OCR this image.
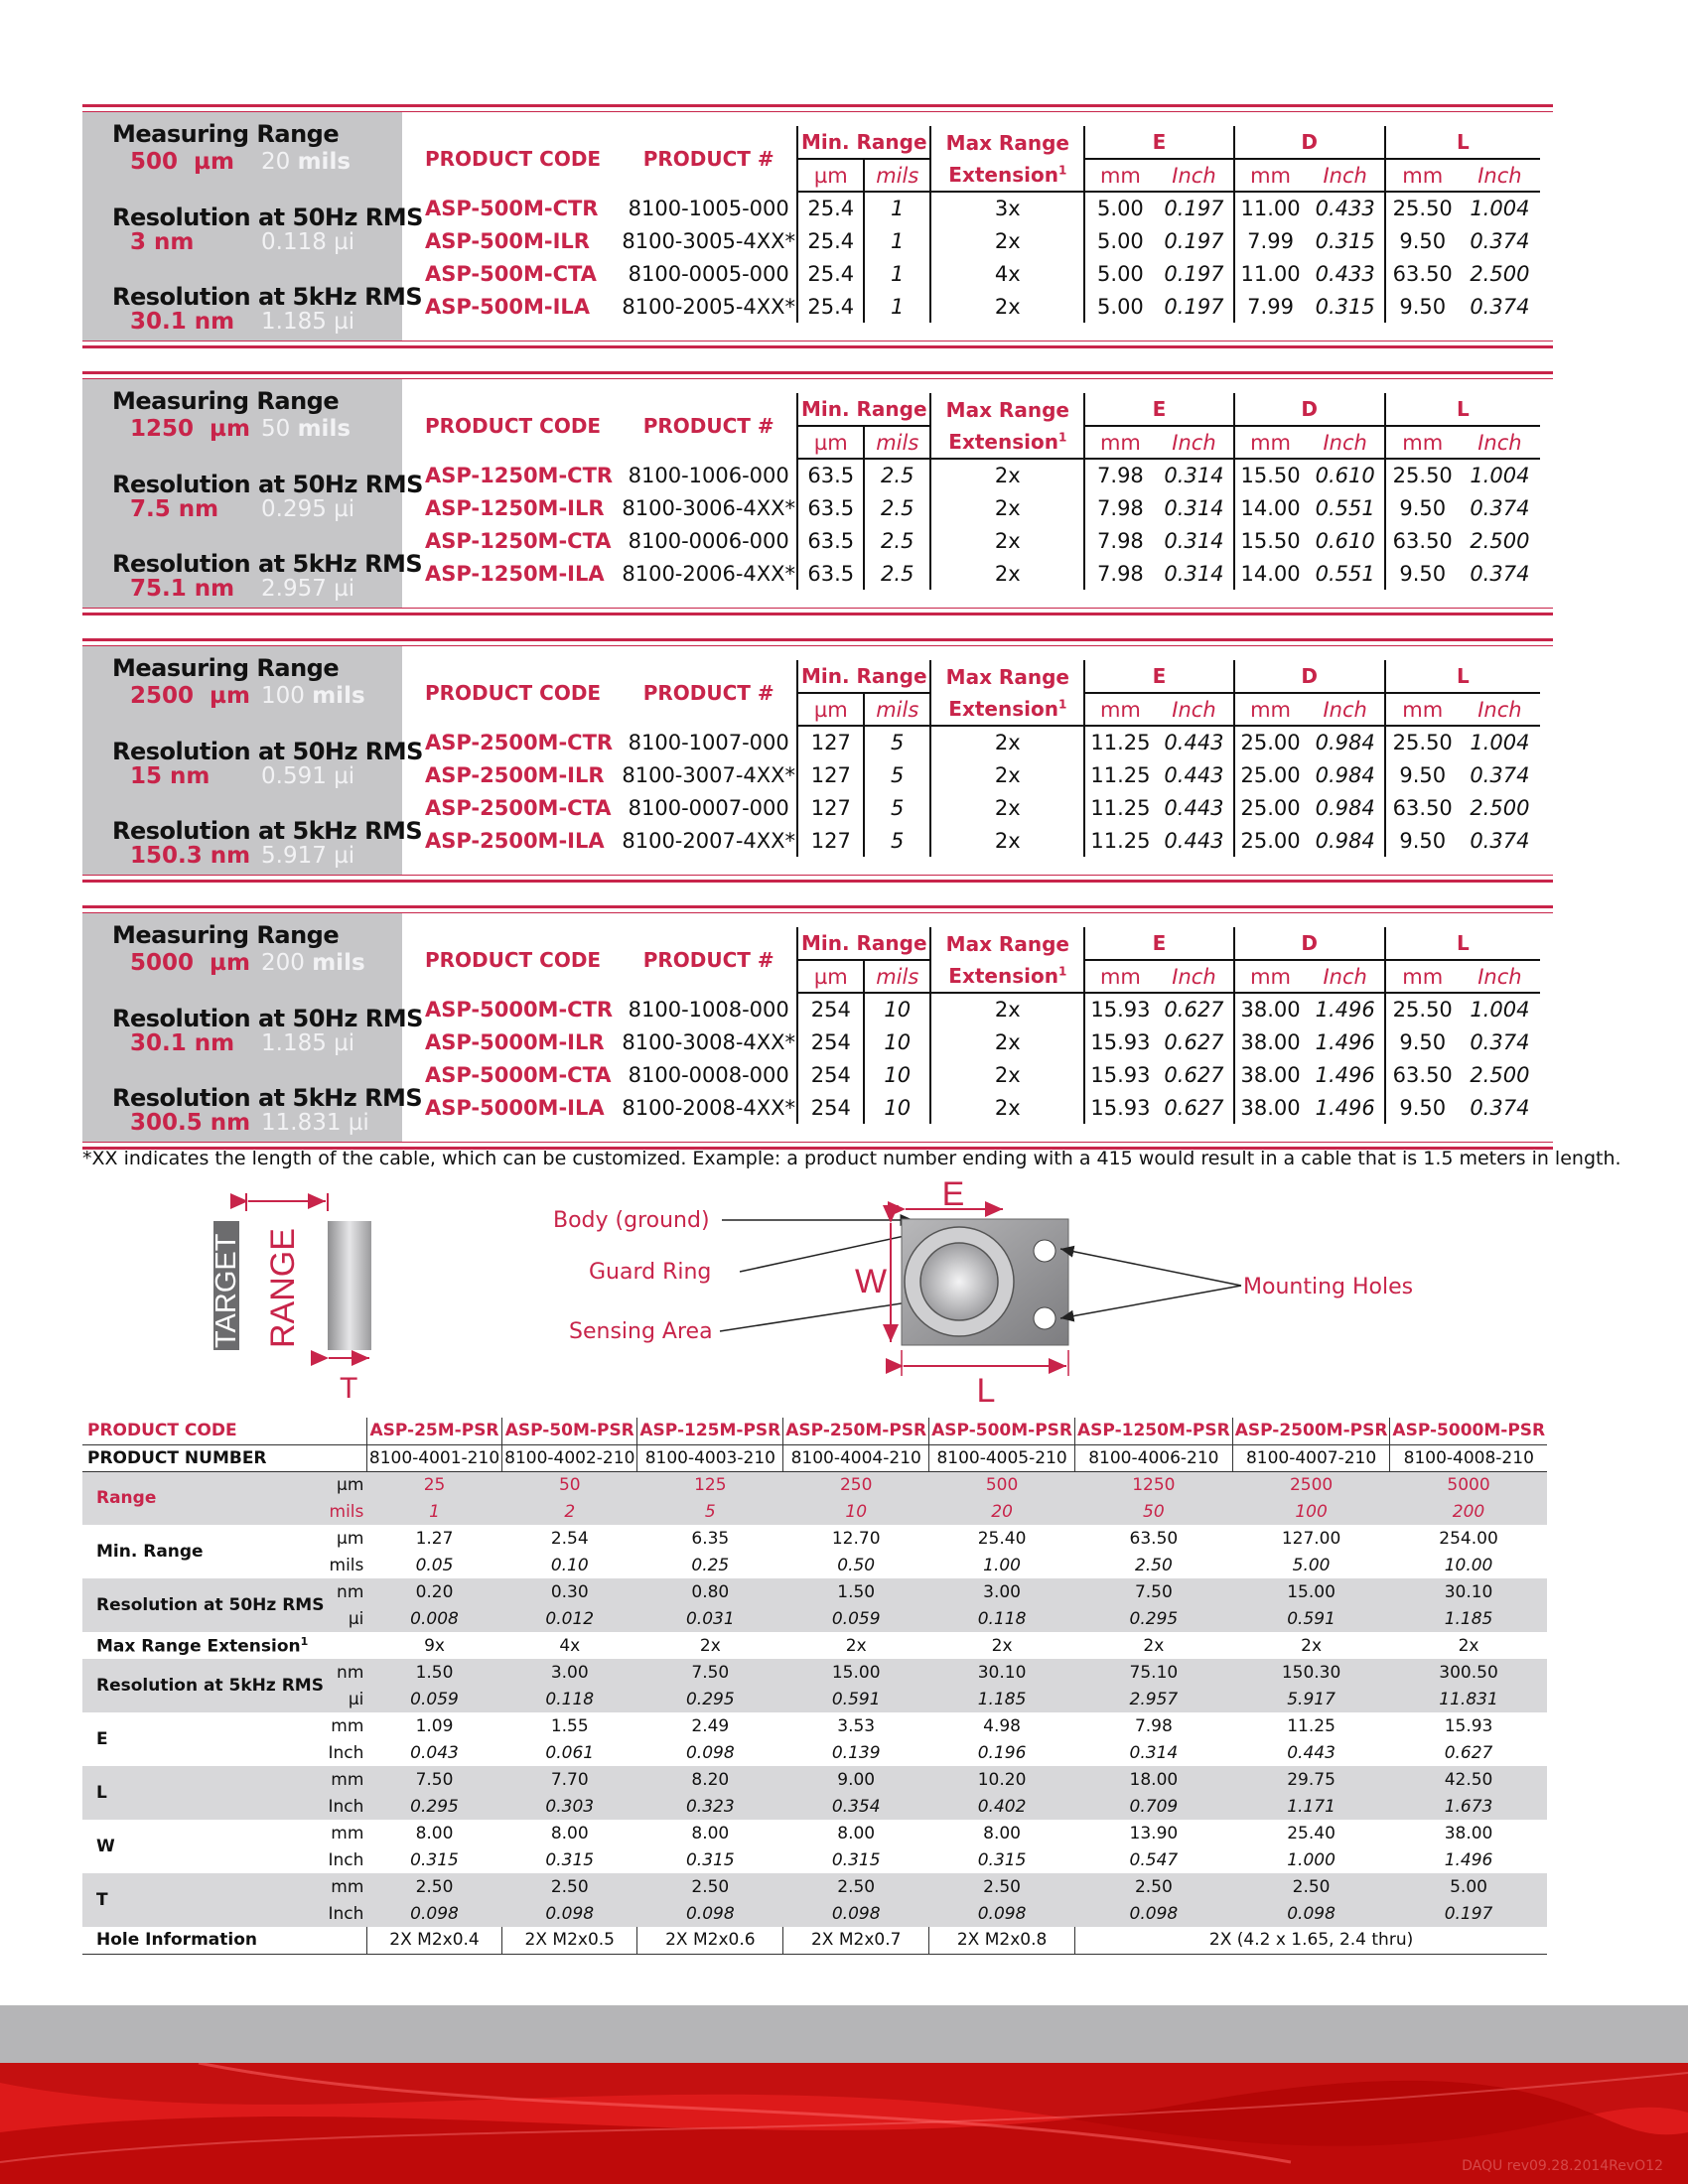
Measuring Range
500 µm 20 mils
Resolution at 50Hz RMS
3 nm	0.118 µi
Resolution at 5kHz RMS
30.1 nm 1.185 µi
PRODUCT CODE	PRODUCT #	Min. Range		Max Range	E		D		L	
		µm	mils	Extension$^1$	mm	Inch	mm	Inch	mm	Inch
ASP-500M-CTR	8100-1005-000	25.4	1	3x	5.00	0.197	11.00	0.433	25.50	1.004
ASP-500M-ILR	8100-3005-4XX*	25.4	1	2x	5.00	0.197	7.99	0.315	9.50	0.374
ASP-500M-CTA	8100-0005-000	25.4	1	4x	5.00	0.197	11.00	0.433	63.50	2.500
ASP-500M-ILA	8100-2005-4XX*	25.4	1	2x	5.00	0.197	7.99	0.315	9.50	0.374
Measuring Range
1250 µm 50 mils
Resolution at 50Hz RMS
7.5 nm 0.295 µi
Resolution at 5kHz RMS
75.1 nm 2.957 µi
PRODUCT CODE	PRODUCT #	Min. Range		Max Range	E		D		L	
		µm	mils	Extension$^1$	mm	Inch	mm	Inch	mm	Inch
ASP-1250M-CTR	8100-1006-000	63.5	2.5	2x	7.98	0.314	15.50	0.610	25.50	1.004
ASP-1250M-ILR	8100-3006-4XX*	63.5	2.5	2x	7.98	0.314	14.00	0.551	9.50	0.374
ASP-1250M-CTA	8100-0006-000	63.5	2.5	2x	7.98	0.314	15.50	0.610	63.50	2.500
ASP-1250M-ILA	8100-2006-4XX*	63.5	2.5	2x	7.98	0.314	14.00	0.551	9.50	0.374
Measuring Range
2500 µm 100 mils
Resolution at 50Hz RMS
15 nm 0.591 µi
Resolution at 5kHz RMS
150.3 nm 5.917 µi
PRODUCT CODE	PRODUCT #	Min. Range		Max Range	E		D		L	
		µm	mils	Extension$^1$	mm	Inch	mm	Inch	mm	Inch
ASP-2500M-CTR	8100-1007-000	127	5	2x	11.25	0.443	25.00	0.984	25.50	1.004
ASP-2500M-ILR	8100-3007-4XX*	127	5	2x	11.25	0.443	25.00	0.984	9.50	0.374
ASP-2500M-CTA	8100-0007-000	127	5	2x	11.25	0.443	25.00	0.984	63.50	2.500
ASP-2500M-ILA	8100-2007-4XX*	127	5	2x	11.25	0.443	25.00	0.984	9.50	0.374
Measuring Range
5000 µm 200 mils
Resolution at 50Hz RMS
30.1 nm 1.185 µi
Resolution at 5kHz RMS
300.5 nm 11.831 µi
PRODUCT CODE	PRODUCT #	Min. Range		Max Range	E		D		L	
		µm	mils	Extension$^1$	mm	Inch	mm	Inch	mm	Inch
ASP-5000M-CTR	8100-1008-000	254	10	2x	15.93	0.627	38.00	1.496	25.50	1.004
ASP-5000M-ILR	8100-3008-4XX*	254	10	2x	15.93	0.627	38.00	1.496	9.50	0.374
ASP-5000M-CTA	8100-0008-000	254	10	2x	15.93	0.627	38.00	1.496	63.50	2.500
ASP-5000M-ILA	8100-2008-4XX*	254	10	2x	15.93	0.627	38.00	1.496	9.50	0.374
*XX indicates the length of the cable, which can be customized. Example: a product number ending with a 415 would result in a cable that is 1.5 meters in length.
TARGET RANGE
T
Body (ground)
Guard Ring
Sensing Area
E
W
L
Mounting Holes
PRODUCT CODE		ASP-25M-PSR	ASP-50M-PSR	ASP-125M-PSR	ASP-250M-PSR	ASP-500M-PSR	ASP-1250M-PSR	ASP-2500M-PSR	ASP-5000M-PSR
PRODUCT NUMBER		8100-4001-210	8100-4002-210	8100-4003-210	8100-4004-210	8100-4005-210	8100-4006-210	8100-4007-210	8100-4008-210
Range	µm	25	50	125	250	500	1250	2500	5000
	mils	1	2	5	10	20	50	100	200
Min. Range	µm	1.27	2.54	6.35	12.70	25.40	63.50	127.00	254.00
	mils	0.05	0.10	0.25	0.50	1.00	2.50	5.00	10.00
Resolution at 50Hz RMS	nm	0.20	0.30	0.80	1.50	3.00	7.50	15.00	30.10
	µi	0.008	0.012	0.031	0.059	0.118	0.295	0.591	1.185
Max Range Extension$^1$		9x	4x	2x	2x	2x	2x	2x	2x
Resolution at 5kHz RMS	nm	1.50	3.00	7.50	15.00	30.10	75.10	150.30	300.50
	µi	0.059	0.118	0.295	0.591	1.185	2.957	5.917	11.831
E	mm	1.09	1.55	2.49	3.53	4.98	7.98	11.25	15.93
	Inch	0.043	0.061	0.098	0.139	0.196	0.314	0.443	0.627
L	mm	7.50	7.70	8.20	9.00	10.20	18.00	29.75	42.50
	Inch	0.295	0.303	0.323	0.354	0.402	0.709	1.171	1.673
W	mm	8.00	8.00	8.00	8.00	8.00	13.90	25.40	38.00
	Inch	0.315	0.315	0.315	0.315	0.315	0.547	1.000	1.496
T	mm	2.50	2.50	2.50	2.50	2.50	2.50	2.50	5.00
	Inch	0.098	0.098	0.098	0.098	0.098	0.098	0.098	0.197
Hole Information		2X M2x0.4	2X M2x0.5	2X M2x0.6	2X M2x0.7	2X M2x0.8	2X (4.2 x 1.65, 2.4 thru)		
DAQU rev09.28.2014RevO12
